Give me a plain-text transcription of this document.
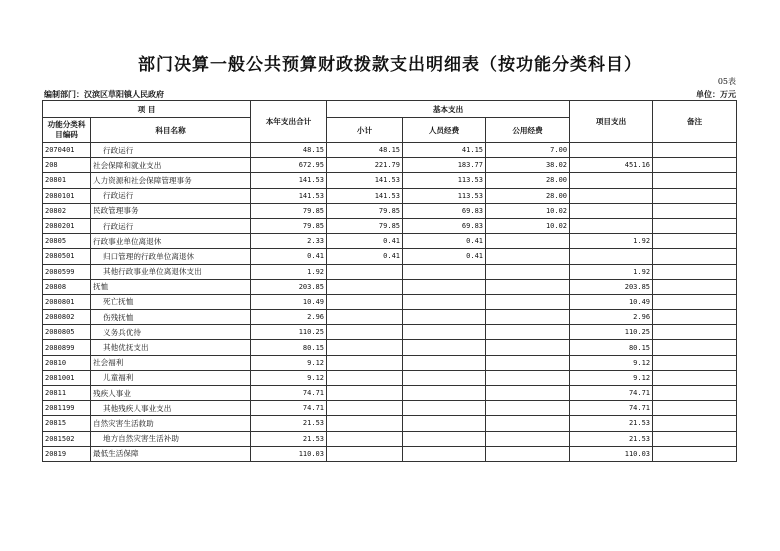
部门决算一般公共预算财政拨款支出明细表（按功能分类科目）
05表
编制部门：汉滨区草阳镇人民政府	单位：万元
项 目		本年支出合计	基本支出			项目支出	备注
功能分类科目编码	科目名称		小计	人员经费	公用经费		
2070401	行政运行	48.15	48.15	41.15	7.00		
208	社会保障和就业支出	672.95	221.79	183.77	38.02	451.16	
20801	人力资源和社会保障管理事务	141.53	141.53	113.53	28.00		
2080101	行政运行	141.53	141.53	113.53	28.00		
20802	民政管理事务	79.85	79.85	69.83	10.02		
2080201	行政运行	79.85	79.85	69.83	10.02		
20805	行政事业单位离退休	2.33	0.41	0.41		1.92	
2080501	归口管理的行政单位离退休	0.41	0.41	0.41			
2080599	其他行政事业单位离退休支出	1.92				1.92	
20808	抚恤	203.85				203.85	
2080801	死亡抚恤	10.49				10.49	
2080802	伤残抚恤	2.96				2.96	
2080805	义务兵优待	110.25				110.25	
2080899	其他优抚支出	80.15				80.15	
20810	社会福利	9.12				9.12	
2081001	儿童福利	9.12				9.12	
20811	残疾人事业	74.71				74.71	
2081199	其他残疾人事业支出	74.71				74.71	
20815	自然灾害生活救助	21.53				21.53	
2081502	地方自然灾害生活补助	21.53				21.53	
20819	最低生活保障	110.03				110.03	
